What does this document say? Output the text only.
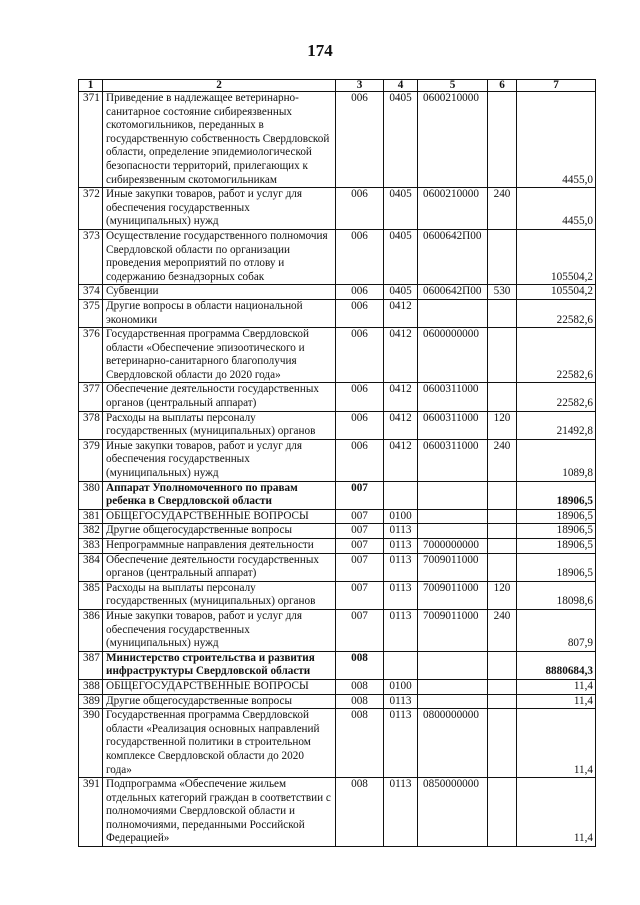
174
1	2	3	4	5	6	7
371	Приведение в надлежащее ветеринарно-санитарное состояние сибиреязвенных скотомогильников, переданных в государственную собственность Свердловской области, определение эпидемиологической безопасности территорий, прилегающих к сибиреязвенным скотомогильникам	006	0405	0600210000		4455,0
372	Иные закупки товаров, работ и услуг для обеспечения государственных (муниципальных) нужд	006	0405	0600210000	240	4455,0
373	Осуществление государственного полномочия Свердловской области по организации проведения мероприятий по отлову и содержанию безнадзорных собак	006	0405	0600642П00		105504,2
374	Субвенции	006	0405	0600642П00	530	105504,2
375	Другие вопросы в области национальной экономики	006	0412			22582,6
376	Государственная программа Свердловской области «Обеспечение эпизоотического и ветеринарно-санитарного благополучия Свердловской области до 2020 года»	006	0412	0600000000		22582,6
377	Обеспечение деятельности государственных органов (центральный аппарат)	006	0412	0600311000		22582,6
378	Расходы на выплаты персоналу государственных (муниципальных) органов	006	0412	0600311000	120	21492,8
379	Иные закупки товаров, работ и услуг для обеспечения государственных (муниципальных) нужд	006	0412	0600311000	240	1089,8
380	Аппарат Уполномоченного по правам ребенка в Свердловской области	007				18906,5
381	ОБЩЕГОСУДАРСТВЕННЫЕ ВОПРОСЫ	007	0100			18906,5
382	Другие общегосударственные вопросы	007	0113			18906,5
383	Непрограммные направления деятельности	007	0113	7000000000		18906,5
384	Обеспечение деятельности государственных органов (центральный аппарат)	007	0113	7009011000		18906,5
385	Расходы на выплаты персоналу государственных (муниципальных) органов	007	0113	7009011000	120	18098,6
386	Иные закупки товаров, работ и услуг для обеспечения государственных (муниципальных) нужд	007	0113	7009011000	240	807,9
387	Министерство строительства и развития инфраструктуры Свердловской области	008				8880684,3
388	ОБЩЕГОСУДАРСТВЕННЫЕ ВОПРОСЫ	008	0100			11,4
389	Другие общегосударственные вопросы	008	0113			11,4
390	Государственная программа Свердловской области «Реализация основных направлений государственной политики в строительном комплексе Свердловской области до 2020 года»	008	0113	0800000000		11,4
391	Подпрограмма «Обеспечение жильем отдельных категорий граждан в соответствии с полномочиями Свердловской области и полномочиями, переданными Российской Федерацией»	008	0113	0850000000		11,4
